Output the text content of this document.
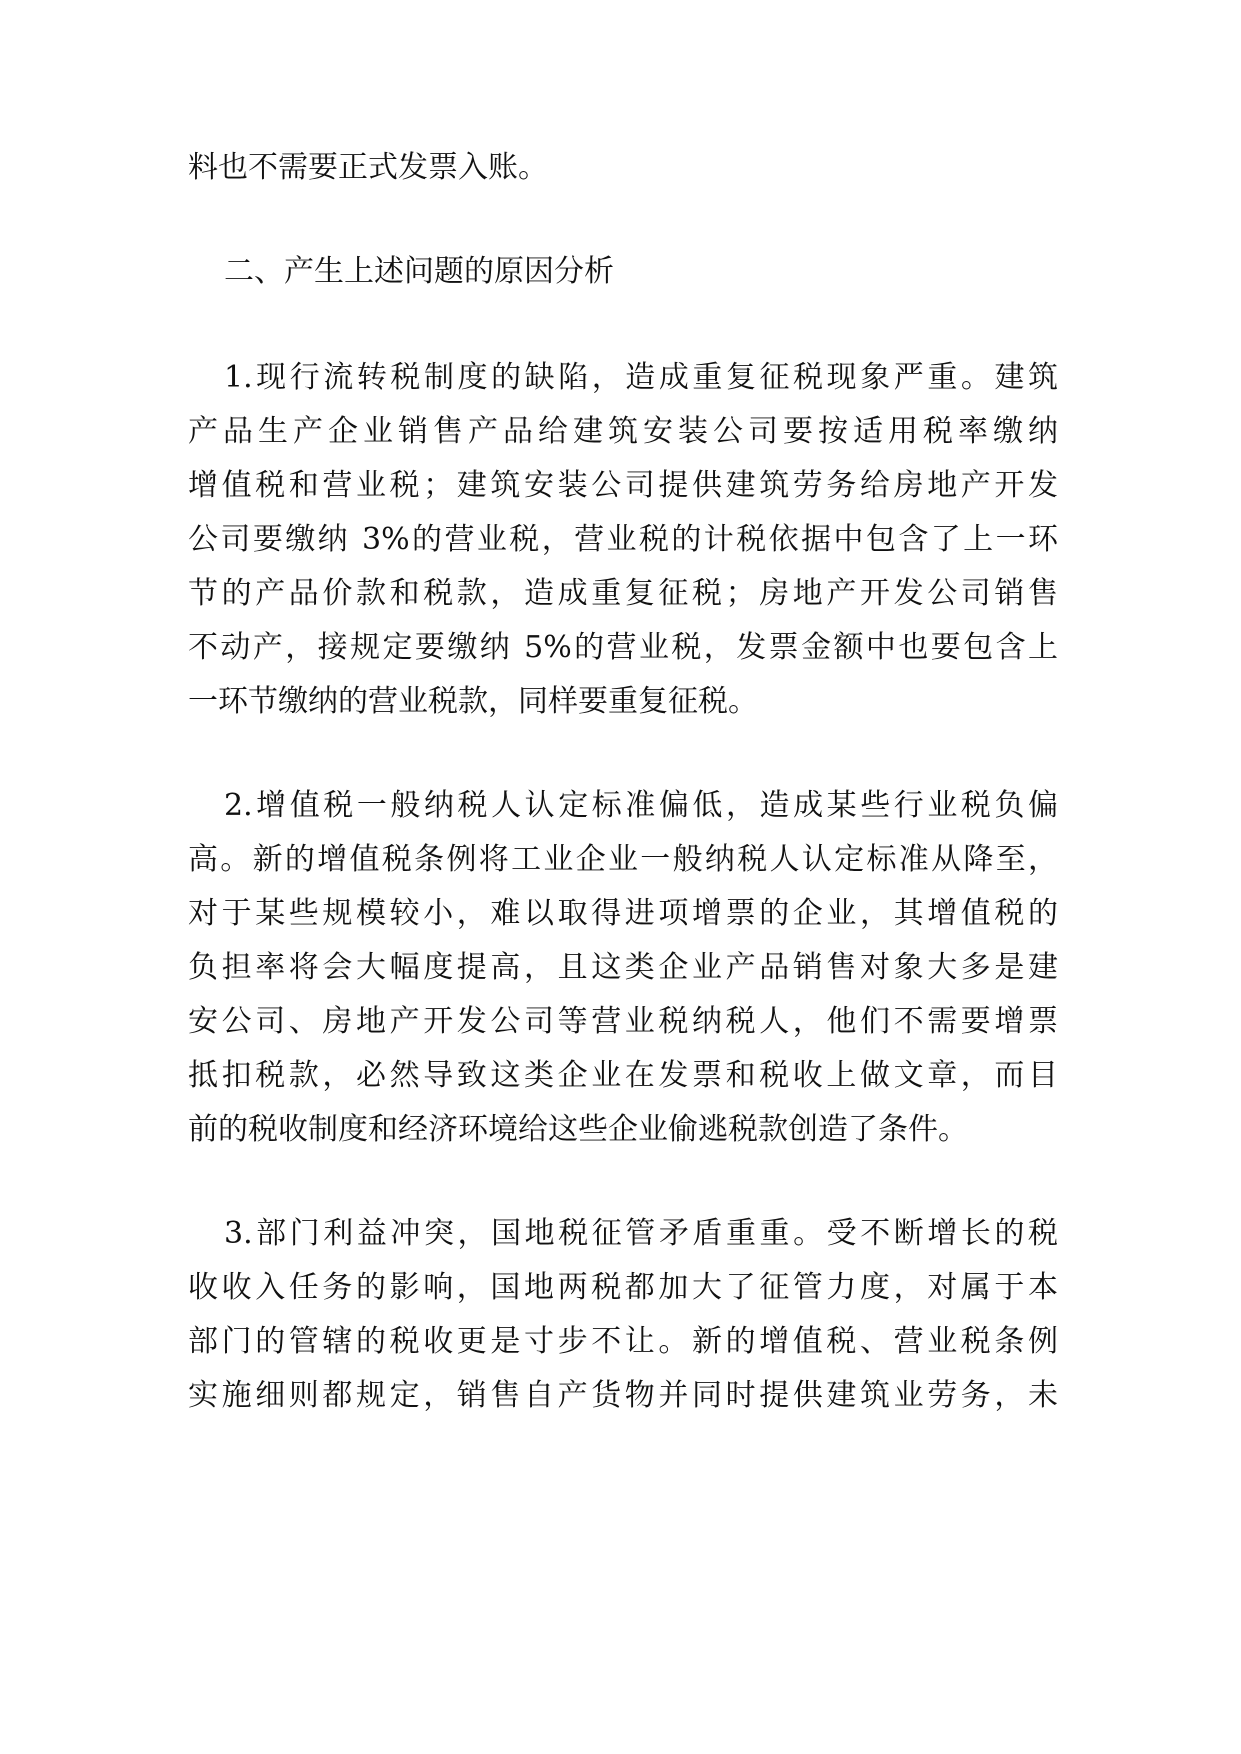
料也不需要正式发票入账。

二、产生上述问题的原因分析

1.现行流转税制度的缺陷，造成重复征税现象严重。建筑

产品生产企业销售产品给建筑安装公司要按适用税率缴纳

增值税和营业税；建筑安装公司提供建筑劳务给房地产开发

公司要缴纳 3%的营业税，营业税的计税依据中包含了上一环

节的产品价款和税款，造成重复征税；房地产开发公司销售

不动产，接规定要缴纳 5%的营业税，发票金额中也要包含上

一环节缴纳的营业税款，同样要重复征税。

2.增值税一般纳税人认定标准偏低，造成某些行业税负偏

高。新的增值税条例将工业企业一般纳税人认定标准从降至，

对于某些规模较小，难以取得进项增票的企业，其增值税的

负担率将会大幅度提高，且这类企业产品销售对象大多是建

安公司、房地产开发公司等营业税纳税人，他们不需要增票

抵扣税款，必然导致这类企业在发票和税收上做文章，而目

前的税收制度和经济环境给这些企业偷逃税款创造了条件。

3.部门利益冲突，国地税征管矛盾重重。受不断增长的税

收收入任务的影响，国地两税都加大了征管力度，对属于本

部门的管辖的税收更是寸步不让。新的增值税、营业税条例

实施细则都规定，销售自产货物并同时提供建筑业劳务，未
